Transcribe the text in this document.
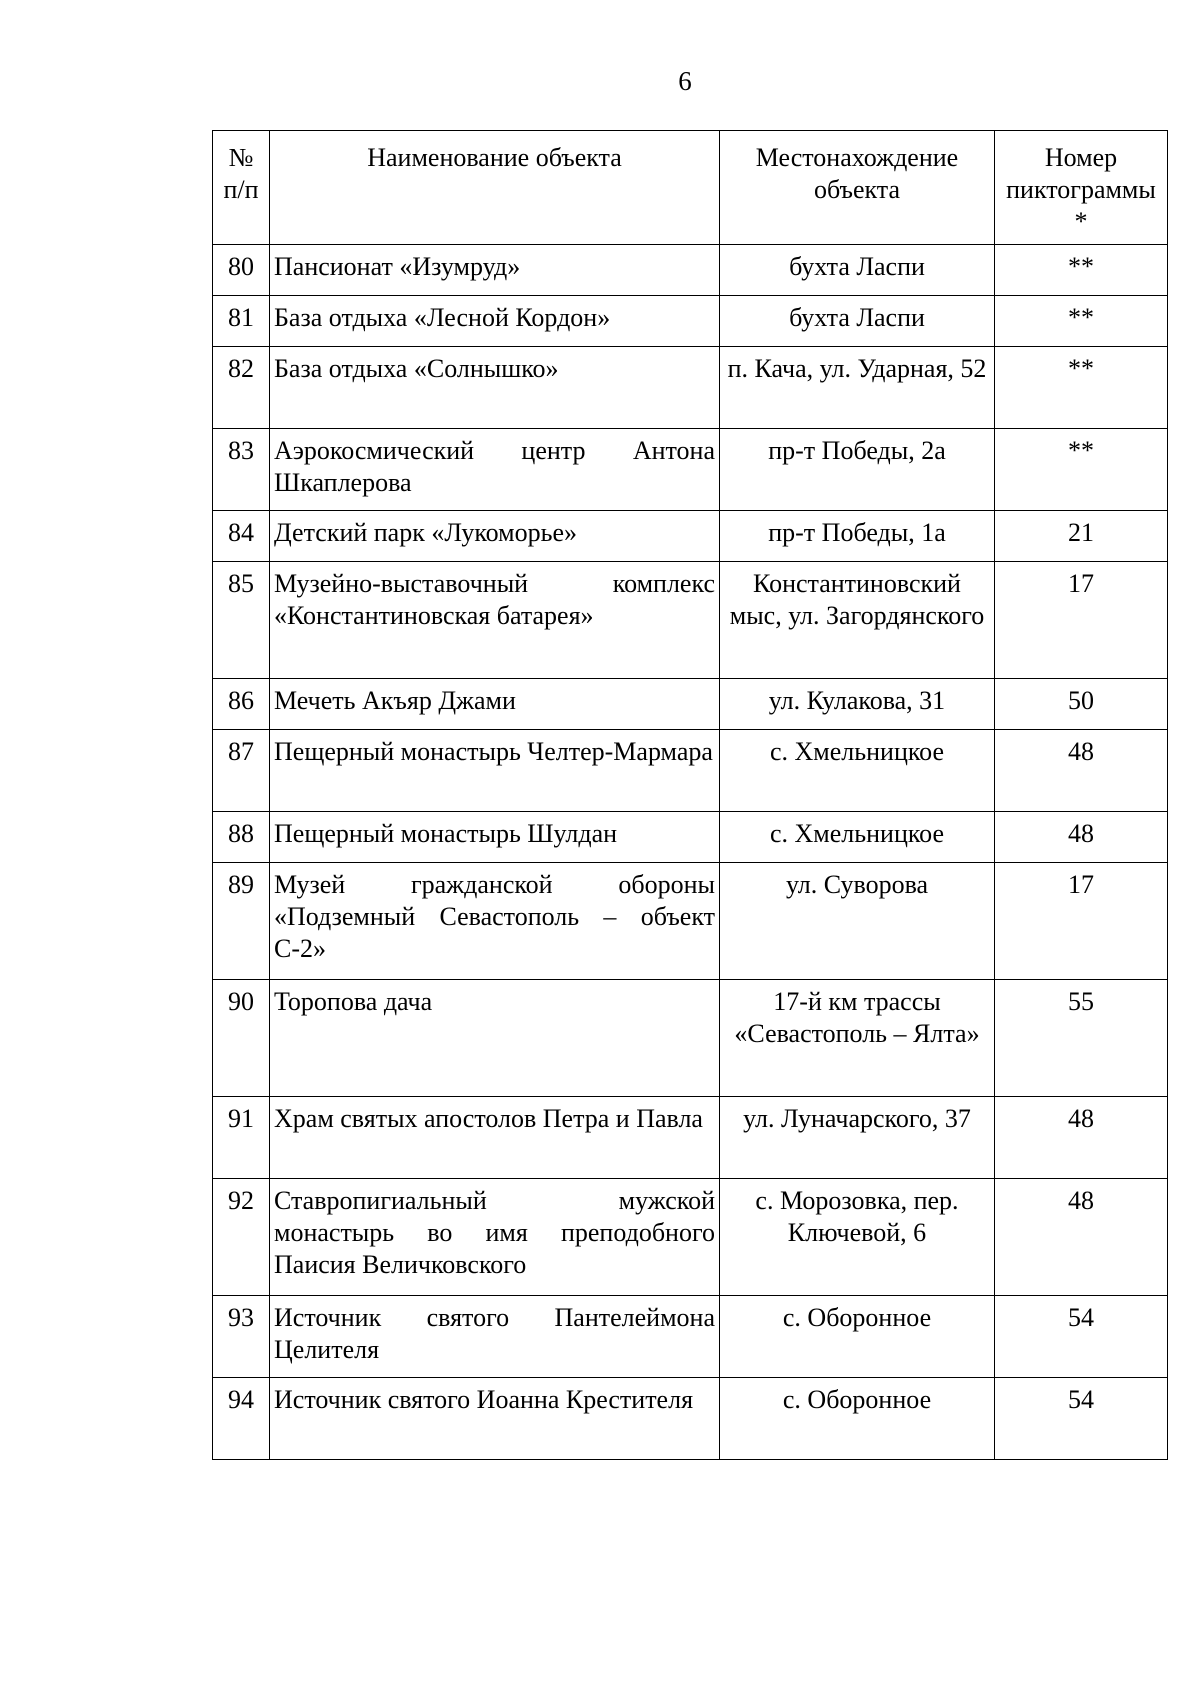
6
№ п/п	Наименование объекта	Местонахождение объекта	Номер пиктограммы *
80	Пансионат «Изумруд»	бухта Ласпи	**
81	База отдыха «Лесной Кордон»	бухта Ласпи	**
82	База отдыха «Солнышко»	п. Кача, ул. Ударная, 52	**
83	Аэрокосмический центр Антона Шкаплерова	пр-т Победы, 2а	**
84	Детский парк «Лукоморье»	пр-т Победы, 1а	21
85	Музейно-выставочный комплекс «Константиновская батарея»	Константиновский мыс, ул. Загордянского	17
86	Мечеть Акъяр Джами	ул. Кулакова, 31	50
87	Пещерный монастырь Челтер-Мармара	с. Хмельницкое	48
88	Пещерный монастырь Шулдан	с. Хмельницкое	48
89	Музей гражданской обороны «Подземный Севастополь – объект С-2»	ул. Суворова	17
90	Торопова дача	17-й км трассы «Севастополь – Ялта»	55
91	Храм святых апостолов Петра и Павла	ул. Луначарского, 37	48
92	Ставропигиальный мужской монастырь во имя преподобного Паисия Величковского	с. Морозовка, пер. Ключевой, 6	48
93	Источник святого Пантелеймона Целителя	с. Оборонное	54
94	Источник святого Иоанна Крестителя	с. Оборонное	54
